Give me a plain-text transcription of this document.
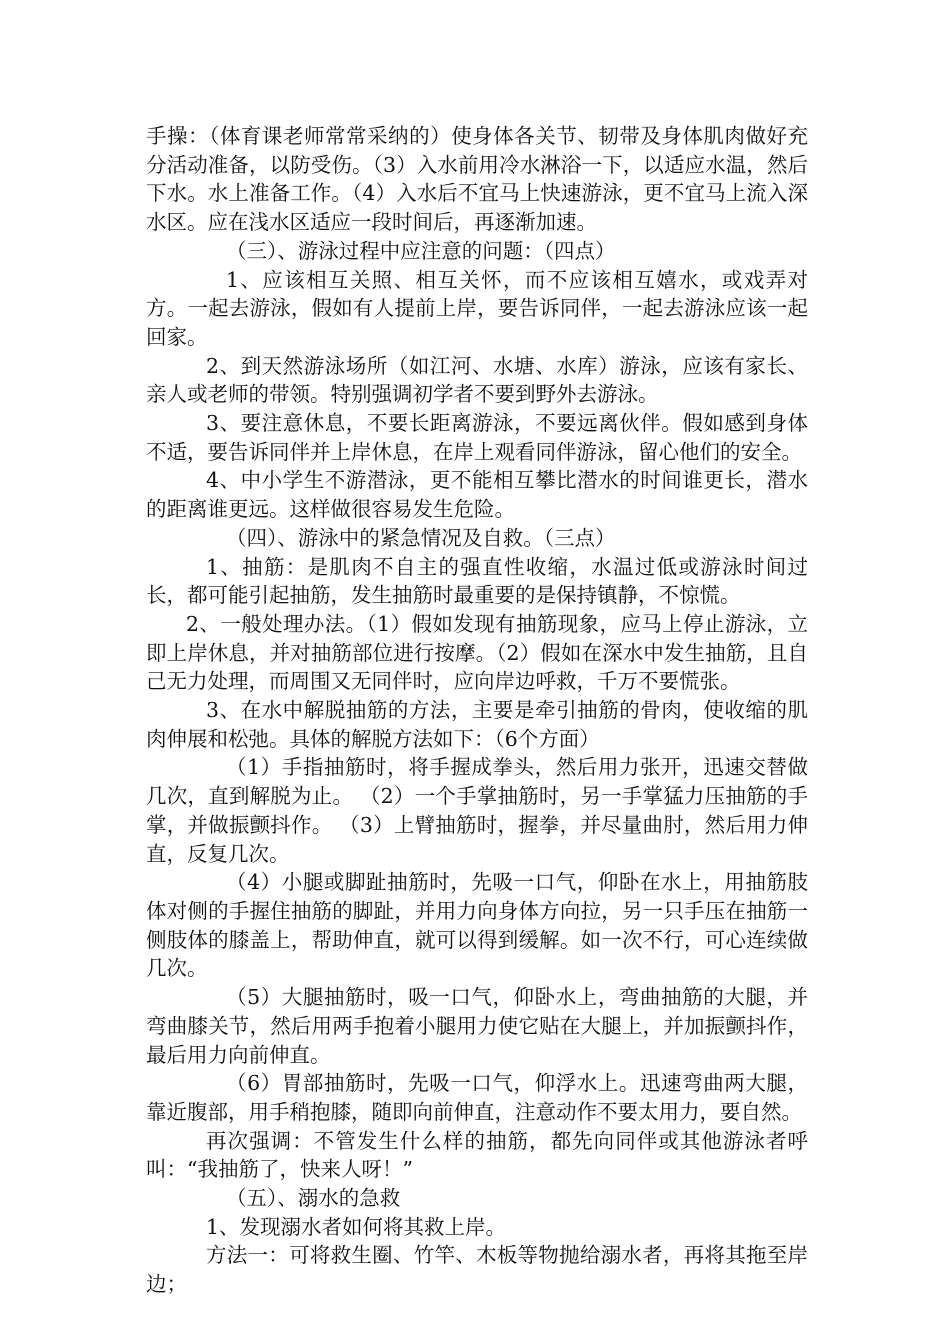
手操：（体育课老师常常采纳的）使身体各关节、韧带及身体肌肉做好充分活动准备，以防受伤。（3）入水前用冷水淋浴一下，以适应水温，然后下水。水上准备工作。（4）入水后不宜马上快速游泳，更不宜马上流入深水区。应在浅水区适应一段时间后，再逐渐加速。

（三）、游泳过程中应注意的问题：（四点）

1、应该相互关照、相互关怀，而不应该相互嬉水，或戏弄对方。一起去游泳，假如有人提前上岸，要告诉同伴，一起去游泳应该一起回家。

2、到天然游泳场所（如江河、水塘、水库）游泳，应该有家长、亲人或老师的带领。特别强调初学者不要到野外去游泳。

3、要注意休息，不要长距离游泳，不要远离伙伴。假如感到身体不适，要告诉同伴并上岸休息，在岸上观看同伴游泳，留心他们的安全。

4、中小学生不游潜泳，更不能相互攀比潜水的时间谁更长，潜水的距离谁更远。这样做很容易发生危险。

（四）、游泳中的紧急情况及自救。（三点）

1、抽筋：是肌肉不自主的强直性收缩，水温过低或游泳时间过长，都可能引起抽筋，发生抽筋时最重要的是保持镇静，不惊慌。

2、一般处理办法。（1）假如发现有抽筋现象，应马上停止游泳，立即上岸休息，并对抽筋部位进行按摩。（2）假如在深水中发生抽筋，且自己无力处理，而周围又无同伴时，应向岸边呼救，千万不要慌张。

3、在水中解脱抽筋的方法，主要是牵引抽筋的骨肉，使收缩的肌肉伸展和松弛。具体的解脱方法如下：（6个方面）

（1）手指抽筋时，将手握成拳头，然后用力张开，迅速交替做几次，直到解脱为止。 （2）一个手掌抽筋时，另一手掌猛力压抽筋的手掌，并做振颤抖作。 （3）上臂抽筋时，握拳，并尽量曲肘，然后用力伸直，反复几次。

（4）小腿或脚趾抽筋时，先吸一口气，仰卧在水上，用抽筋肢体对侧的手握住抽筋的脚趾，并用力向身体方向拉，另一只手压在抽筋一侧肢体的膝盖上，帮助伸直，就可以得到缓解。如一次不行，可心连续做几次。

（5）大腿抽筋时，吸一口气，仰卧水上，弯曲抽筋的大腿，并弯曲膝关节，然后用两手抱着小腿用力使它贴在大腿上，并加振颤抖作，最后用力向前伸直。

（6）胃部抽筋时，先吸一口气，仰浮水上。迅速弯曲两大腿，靠近腹部，用手稍抱膝，随即向前伸直，注意动作不要太用力，要自然。

再次强调：不管发生什么样的抽筋，都先向同伴或其他游泳者呼叫：“我抽筋了，快来人呀！”

（五）、溺水的急救

1、发现溺水者如何将其救上岸。

方法一：可将救生圈、竹竿、木板等物抛给溺水者，再将其拖至岸边；
